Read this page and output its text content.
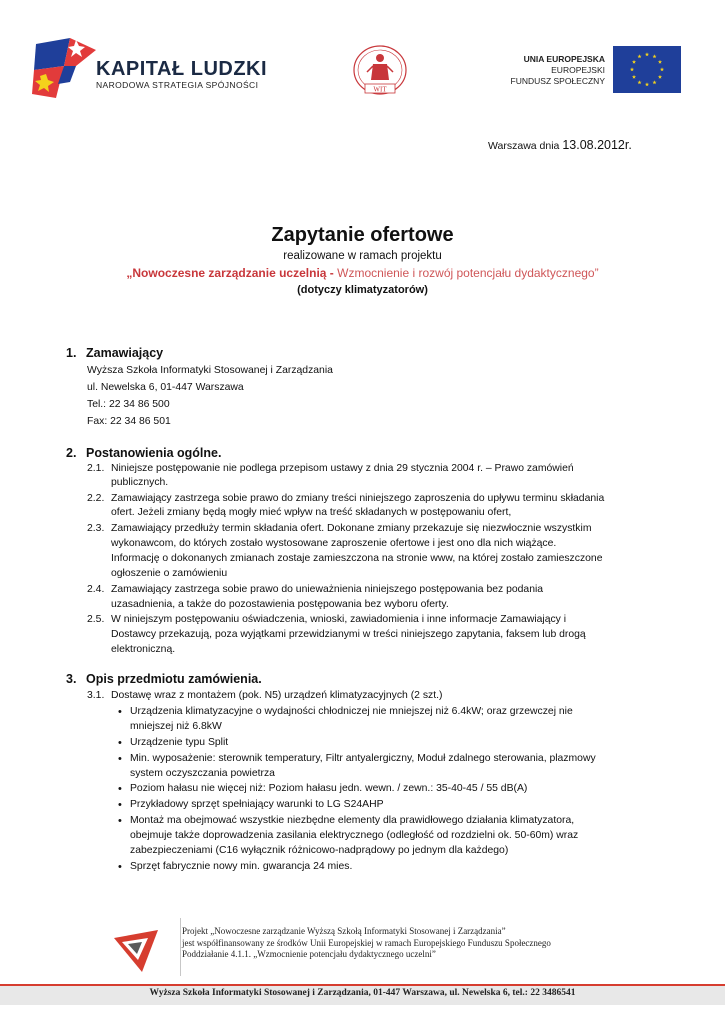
KAPITAŁ LUDZKI
NARODOWA STRATEGIA SPÓJNOŚCI	WIT
UNIA EUROPEJSKA
EUROPEJSKI
FUNDUSZ SPOŁECZNY
Warszawa dnia 13.08.2012r.
Zapytanie ofertowe
realizowane w ramach projektu
„Nowoczesne zarządzanie uczelnią - Wzmocnienie i rozwój potencjału dydaktycznego”
(dotyczy klimatyzatorów)
1. Zamawiający
Wyższa Szkoła Informatyki Stosowanej i Zarządzania
ul. Newelska 6, 01-447 Warszawa
Tel.: 22 34 86 500
Fax: 22 34 86 501
2. Postanowienia ogólne.
2.1. Niniejsze postępowanie nie podlega przepisom ustawy z dnia 29 stycznia 2004 r. – Prawo zamówień
publicznych.
2.2. Zamawiający zastrzega sobie prawo do zmiany treści niniejszego zaproszenia do upływu terminu składania
ofert. Jeżeli zmiany będą mogły mieć wpływ na treść składanych w postępowaniu ofert,
2.3. Zamawiający przedłuży termin składania ofert. Dokonane zmiany przekazuje się niezwłocznie wszystkim
wykonawcom, do których zostało wystosowane zaproszenie ofertowe i jest ono dla nich wiążące.
Informację o dokonanych zmianach zostaje zamieszczona na stronie www, na której zostało zamieszczone
ogłoszenie o zamówieniu
2.4. Zamawiający zastrzega sobie prawo do unieważnienia niniejszego postępowania bez podania
uzasadnienia, a także do pozostawienia postępowania bez wyboru oferty.
2.5. W niniejszym postępowaniu oświadczenia, wnioski, zawiadomienia i inne informacje Zamawiający i
Dostawcy przekazują, poza wyjątkami przewidzianymi w treści niniejszego zapytania, faksem lub drogą
elektroniczną.
3. Opis przedmiotu zamówienia.
3.1. Dostawę wraz z montażem (pok. N5) urządzeń klimatyzacyjnych (2 szt.)
• Urządzenia klimatyzacyjne o wydajności chłodniczej nie mniejszej niż 6.4kW; oraz grzewczej nie
mniejszej niż 6.8kW
• Urządzenie typu Split
• Min. wyposażenie: sterownik temperatury, Filtr antyalergiczny, Moduł zdalnego sterowania, plazmowy
system oczyszczania powietrza
• Poziom hałasu nie więcej niż: Poziom hałasu jedn. wewn. / zewn.: 35-40-45 / 55 dB(A)
• Przykładowy sprzęt spełniający warunki to LG S24AHP
• Montaż ma obejmować wszystkie niezbędne elementy dla prawidłowego działania klimatyzatora,
obejmuje także doprowadzenia zasilania elektrycznego (odległość od rozdzielni ok. 50-60m) wraz
zabezpieczeniami (C16 wyłącznik różnicowo-nadprądowy po jednym dla każdego)
• Sprzęt fabrycznie nowy min. gwarancja 24 mies.
Projekt „Nowoczesne zarządzanie Wyższą Szkołą Informatyki Stosowanej i Zarządzania”
jest współfinansowany ze środków Unii Europejskiej w ramach Europejskiego Funduszu Społecznego
Poddziałanie 4.1.1. „Wzmocnienie potencjału dydaktycznego uczelni”
Wyższa Szkoła Informatyki Stosowanej i Zarządzania, 01-447 Warszawa, ul. Newelska 6, tel.: 22 3486541
